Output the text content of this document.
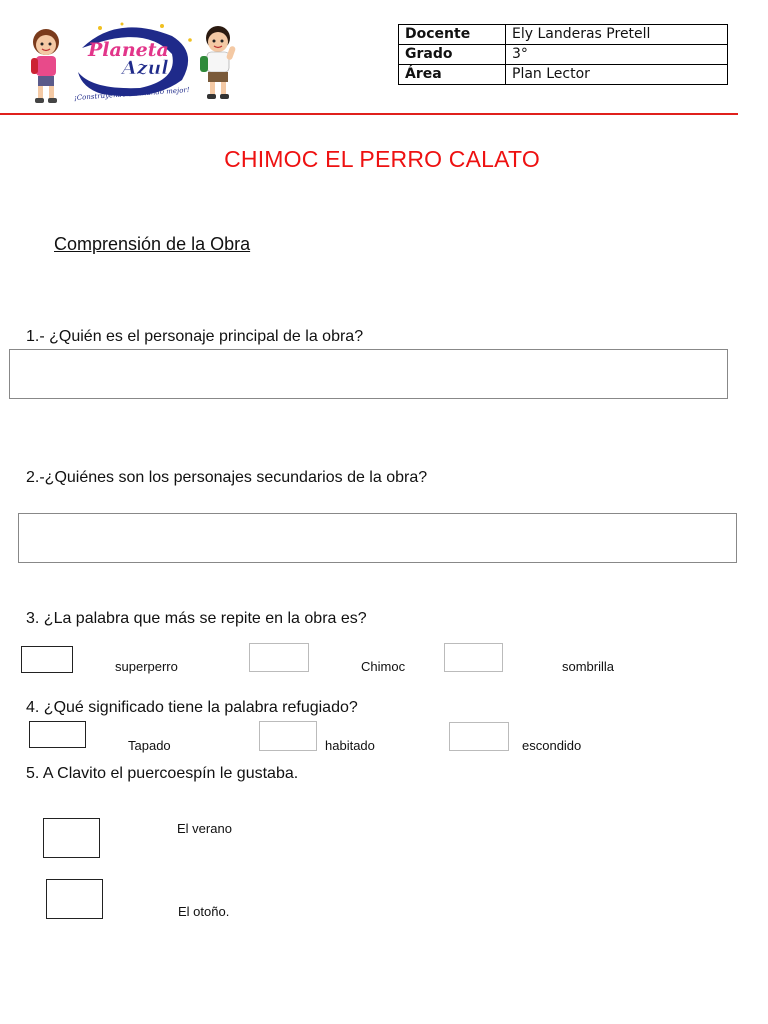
Planeta
Azul
¡Construyendo un mundo mejor!
Docente	Ely Landeras Pretell
Grado	3°
Área	Plan Lector
CHIMOC EL PERRO CALATO
Comprensión de la Obra
1.- ¿Quién es el personaje principal de la obra?
2.-¿Quiénes son los personajes secundarios de la obra?
3. ¿La palabra que más se repite en la obra es?
superperro	Chimoc	sombrilla
4. ¿Qué significado tiene la palabra refugiado?
Tapado	habitado	escondido
5. A Clavito el puercoespín le gustaba.
El verano
El otoño.
